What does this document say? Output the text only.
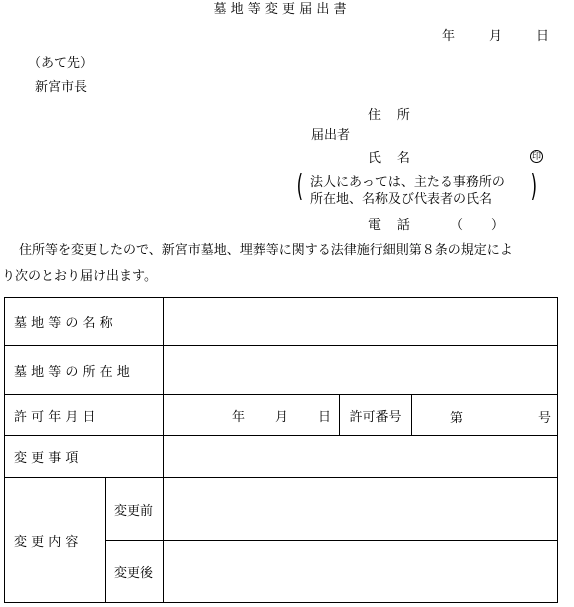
墓 地 等 変 更 届 出 書
年	月	日
（あて先）
新宮市長
住 所
届出者
氏 名	印
( 法人にあっては、主たる事務所の
所在地、名称及び代表者の氏名 )
電 話	（ ）
住所等を変更したので、新宮市墓地、埋葬等に関する法律施行細則第８条の規定によ
り次のとおり届け出ます。
墓 地 等 の 名 称				
墓 地 等 の 所 在 地				
許 可 年 月 日		年 月 日	許可番号	第 号

変 更 事 項				
変 更 内 容	変更前			
	変更後			
